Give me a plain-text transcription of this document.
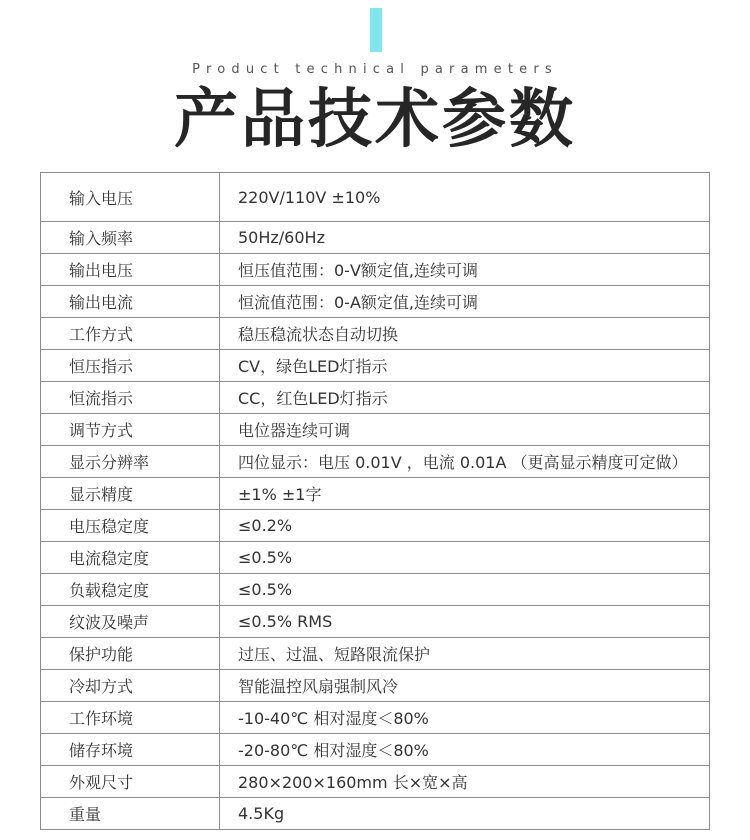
Product technical parameters
产品技术参数
输入电压	220V/110V ±10%
输入频率	50Hz/60Hz
输出电压	恒压值范围：0-V额定值,连续可调
输出电流	恒流值范围：0-A额定值,连续可调
工作方式	稳压稳流状态自动切换
恒压指示	CV，绿色LED灯指示
恒流指示	CC，红色LED灯指示
调节方式	电位器连续可调
显示分辨率	四位显示：电压 0.01V ，电流 0.01A （更高显示精度可定做）
显示精度	±1% ±1字
电压稳定度	≤0.2%
电流稳定度	≤0.5%
负载稳定度	≤0.5%
纹波及噪声	≤0.5% RMS
保护功能	过压、过温、短路限流保护
冷却方式	智能温控风扇强制风冷
工作环境	-10-40℃ 相对湿度＜80%
储存环境	-20-80℃ 相对湿度＜80%
外观尺寸	280×200×160mm 长×宽×高
重量	4.5Kg
